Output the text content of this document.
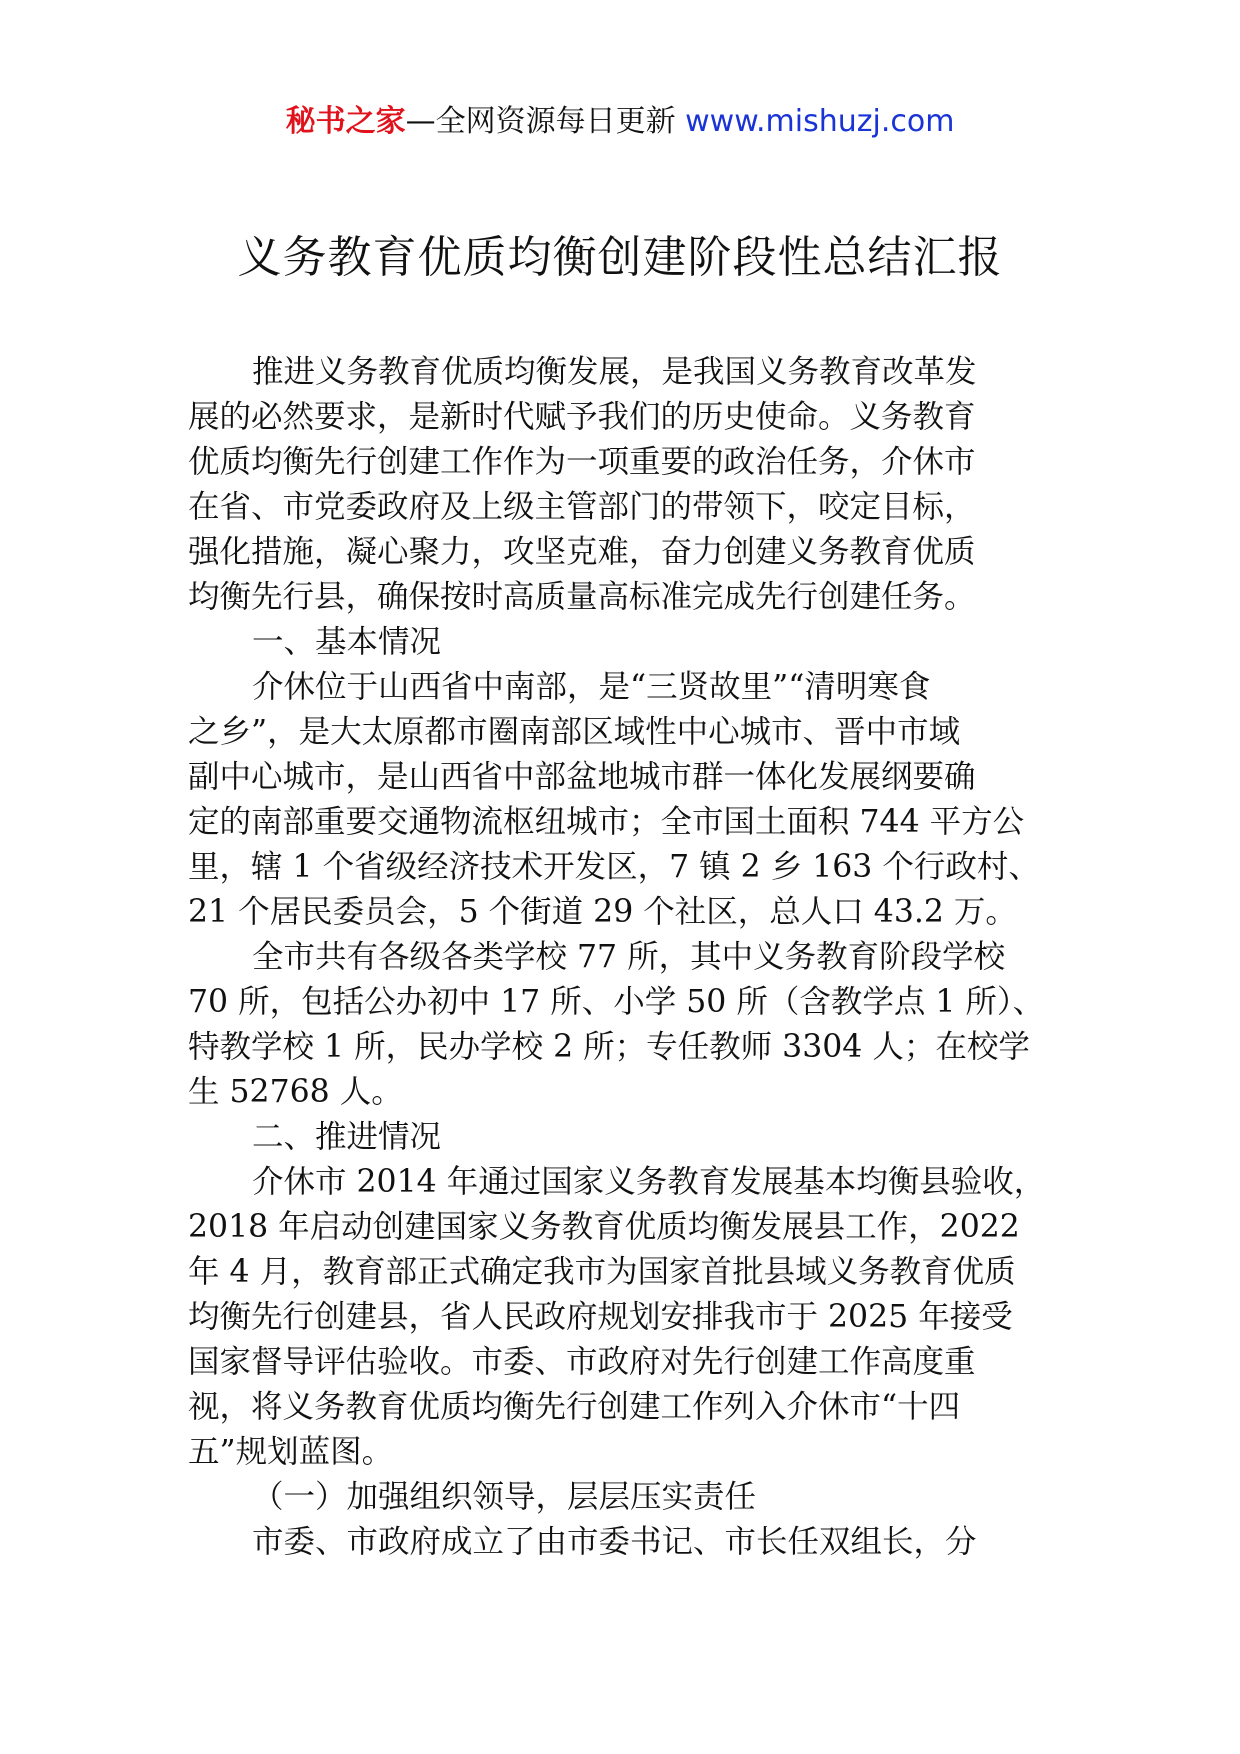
秘书之家—全网资源每日更新 www.mishuzj.com
义务教育优质均衡创建阶段性总结汇报
推进义务教育优质均衡发展，是我国义务教育改革发
展的必然要求，是新时代赋予我们的历史使命。义务教育
优质均衡先行创建工作作为一项重要的政治任务，介休市
在省、市党委政府及上级主管部门的带领下，咬定目标，
强化措施，凝心聚力，攻坚克难，奋力创建义务教育优质
均衡先行县，确保按时高质量高标准完成先行创建任务。
一、基本情况
介休位于山西省中南部，是“三贤故里”“清明寒食
之乡”，是大太原都市圈南部区域性中心城市、晋中市域
副中心城市，是山西省中部盆地城市群一体化发展纲要确
定的南部重要交通物流枢纽城市；全市国土面积 744 平方公
里，辖 1 个省级经济技术开发区，7 镇 2 乡 163 个行政村、
21 个居民委员会，5 个街道 29 个社区，总人口 43.2 万。
全市共有各级各类学校 77 所，其中义务教育阶段学校
70 所，包括公办初中 17 所、小学 50 所（含教学点 1 所）、
特教学校 1 所，民办学校 2 所；专任教师 3304 人；在校学
生 52768 人。
二、推进情况
介休市 2014 年通过国家义务教育发展基本均衡县验收，
2018 年启动创建国家义务教育优质均衡发展县工作，2022
年 4 月，教育部正式确定我市为国家首批县域义务教育优质
均衡先行创建县，省人民政府规划安排我市于 2025 年接受
国家督导评估验收。市委、市政府对先行创建工作高度重
视，将义务教育优质均衡先行创建工作列入介休市“十四
五”规划蓝图。
（一）加强组织领导，层层压实责任
市委、市政府成立了由市委书记、市长任双组长，分
